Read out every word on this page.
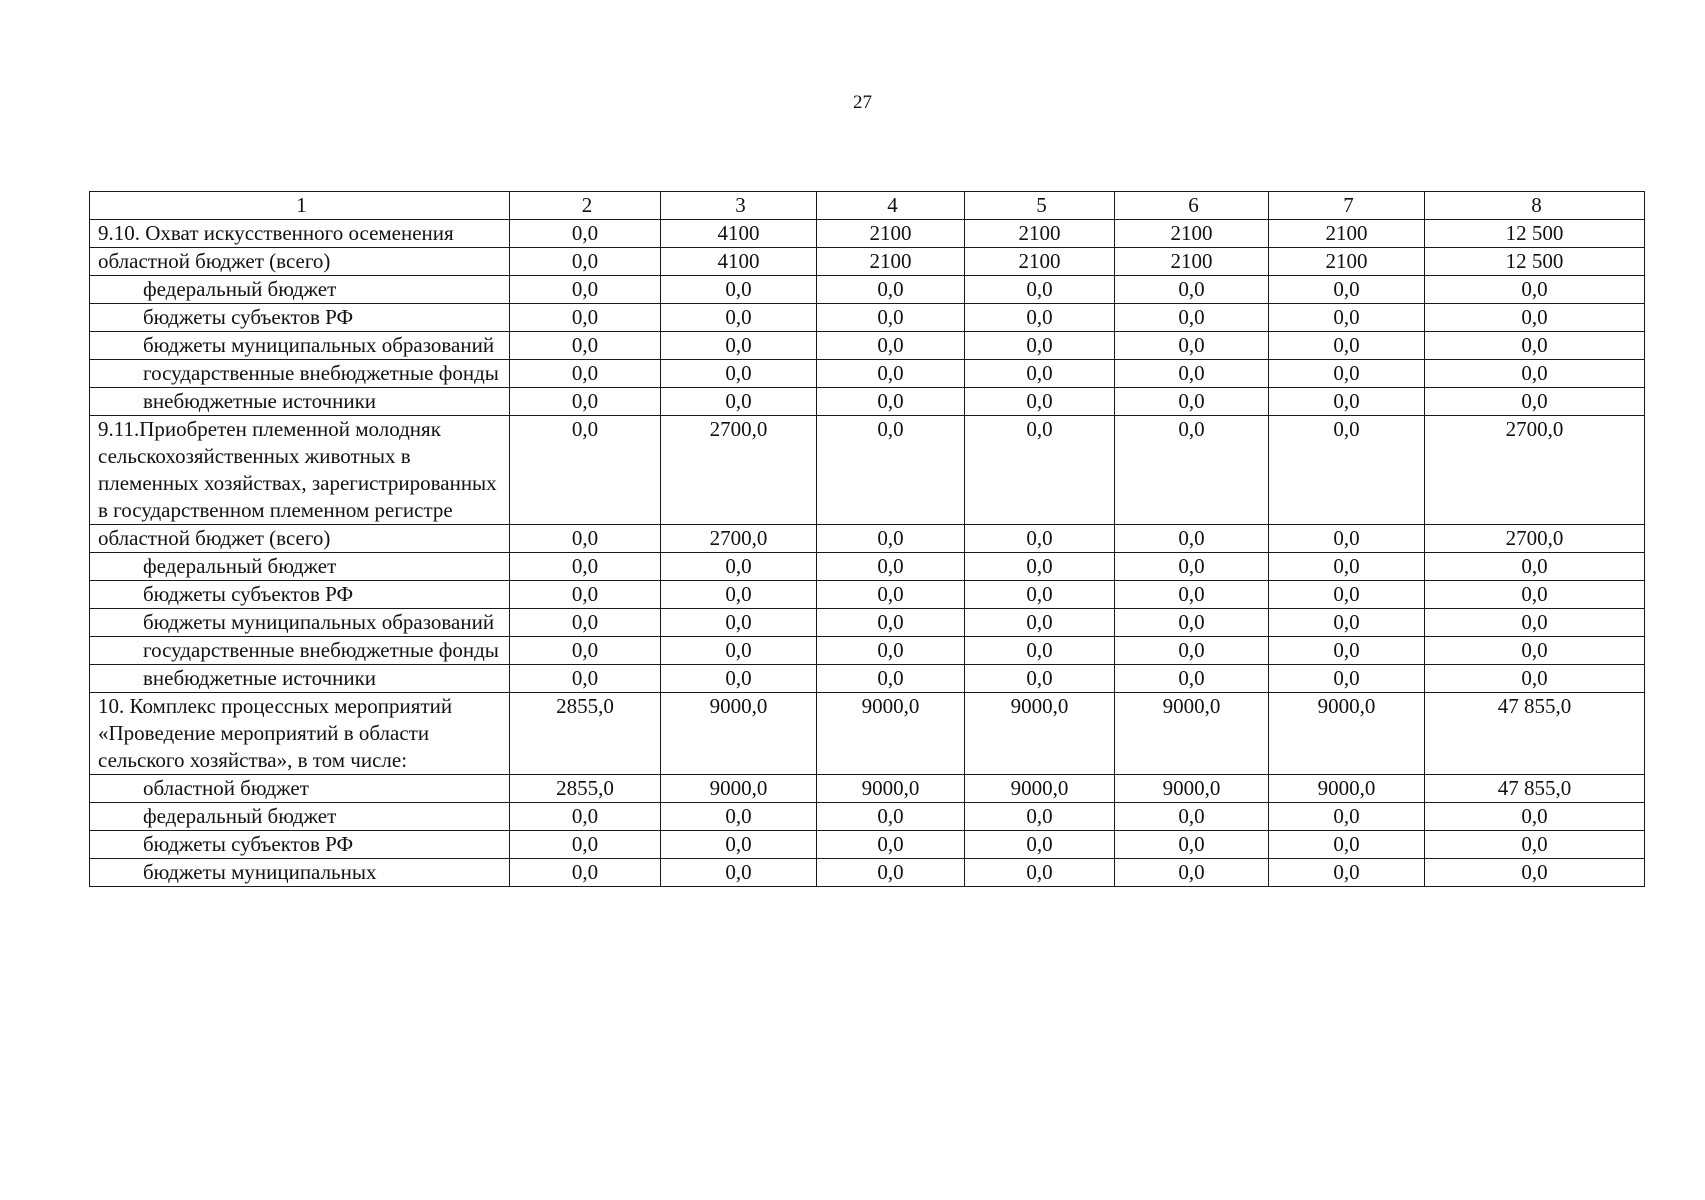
27
1	2	3	4	5	6	7	8
9.10. Охват искусственного осеменения	0,0	4100	2100	2100	2100	2100	12 500
областной бюджет (всего)	0,0	4100	2100	2100	2100	2100	12 500
федеральный бюджет	0,0	0,0	0,0	0,0	0,0	0,0	0,0
бюджеты субъектов РФ	0,0	0,0	0,0	0,0	0,0	0,0	0,0
бюджеты муниципальных образований	0,0	0,0	0,0	0,0	0,0	0,0	0,0
государственные внебюджетные фонды	0,0	0,0	0,0	0,0	0,0	0,0	0,0
внебюджетные источники	0,0	0,0	0,0	0,0	0,0	0,0	0,0
9.11.Приобретен племенной молодняк сельскохозяйственных животных в племенных хозяйствах, зарегистрированных в государственном племенном регистре	0,0	2700,0	0,0	0,0	0,0	0,0	2700,0
областной бюджет (всего)	0,0	2700,0	0,0	0,0	0,0	0,0	2700,0
федеральный бюджет	0,0	0,0	0,0	0,0	0,0	0,0	0,0
бюджеты субъектов РФ	0,0	0,0	0,0	0,0	0,0	0,0	0,0
бюджеты муниципальных образований	0,0	0,0	0,0	0,0	0,0	0,0	0,0
государственные внебюджетные фонды	0,0	0,0	0,0	0,0	0,0	0,0	0,0
внебюджетные источники	0,0	0,0	0,0	0,0	0,0	0,0	0,0
10. Комплекс процессных мероприятий «Проведение мероприятий в области сельского хозяйства», в том числе:	2855,0	9000,0	9000,0	9000,0	9000,0	9000,0	47 855,0
областной бюджет	2855,0	9000,0	9000,0	9000,0	9000,0	9000,0	47 855,0
федеральный бюджет	0,0	0,0	0,0	0,0	0,0	0,0	0,0
бюджеты субъектов РФ	0,0	0,0	0,0	0,0	0,0	0,0	0,0
бюджеты муниципальных	0,0	0,0	0,0	0,0	0,0	0,0	0,0
